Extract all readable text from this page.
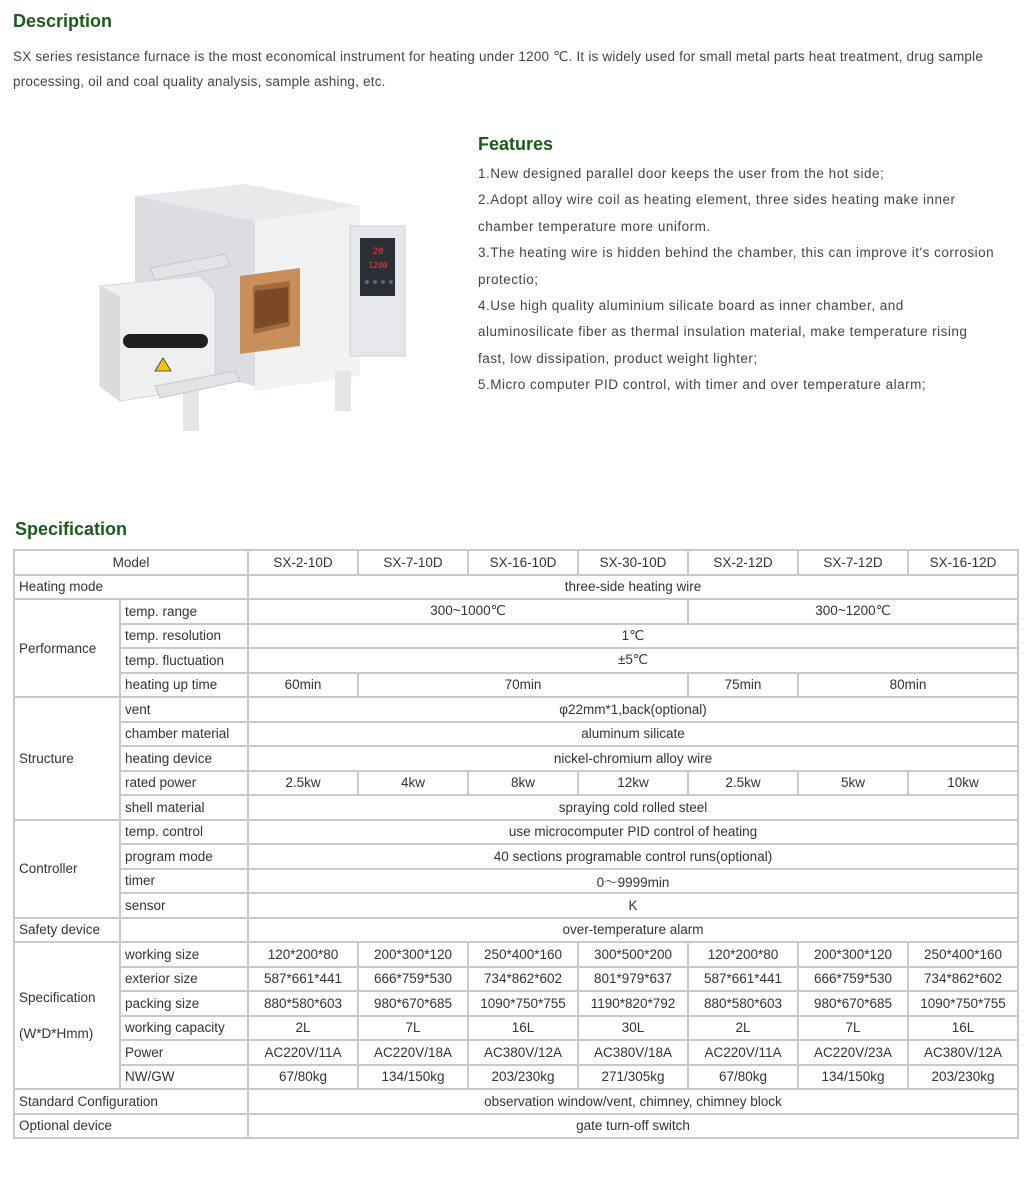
Description

SX series resistance furnace is the most economical instrument for heating under 1200 ℃. It is widely used for small metal parts heat treatment, drug sample processing, oil and coal quality analysis, sample ashing, etc.

20
1200
Features
1.New designed parallel door keeps the user from the hot side;
2.Adopt alloy wire coil as heating element, three sides heating make inner chamber temperature more uniform.
3.The heating wire is hidden behind the chamber, this can improve it's corrosion protectio;
4.Use high quality aluminium silicate board as inner chamber, and aluminosilicate fiber as thermal insulation material, make temperature rising fast, low dissipation, product weight lighter;
5.Micro computer PID control, with timer and over temperature alarm;
Specification
Model		SX-2-10D	SX-7-10D	SX-16-10D	SX-30-10D	SX-2-12D	SX-7-12D	SX-16-12D
Heating mode		three-side heating wire						
Performance	temp. range	300~1000℃				300~1200℃		
	temp. resolution	1℃						
	temp. fluctuation	±5℃						
	heating up time	60min	70min			75min	80min	
Structure	vent	φ22mm*1,back(optional)						
	chamber material	aluminum silicate						
	heating device	nickel-chromium alloy wire						
	rated power	2.5kw	4kw	8kw	12kw	2.5kw	5kw	10kw
	shell material	spraying cold rolled steel						
Controller	temp. control	use microcomputer PID control of heating						
	program mode	40 sections programable control runs(optional)						
	timer	0～9999min						
	sensor	K						
Safety device		over-temperature alarm						

Specification
(W*D*Hmm)	working size	120*200*80	200*300*120	250*400*160	300*500*200	120*200*80	200*300*120	250*400*160
	exterior size	587*661*441	666*759*530	734*862*602	801*979*637	587*661*441	666*759*530	734*862*602
	packing size	880*580*603	980*670*685	1090*750*755	1190*820*792	880*580*603	980*670*685	1090*750*755
	working capacity	2L	7L	16L	30L	2L	7L	16L
	Power	AC220V/11A	AC220V/18A	AC380V/12A	AC380V/18A	AC220V/11A	AC220V/23A	AC380V/12A
	NW/GW	67/80kg	134/150kg	203/230kg	271/305kg	67/80kg	134/150kg	203/230kg
Standard Configuration		observation window/vent, chimney, chimney block						
Optional device		gate turn-off switch						
